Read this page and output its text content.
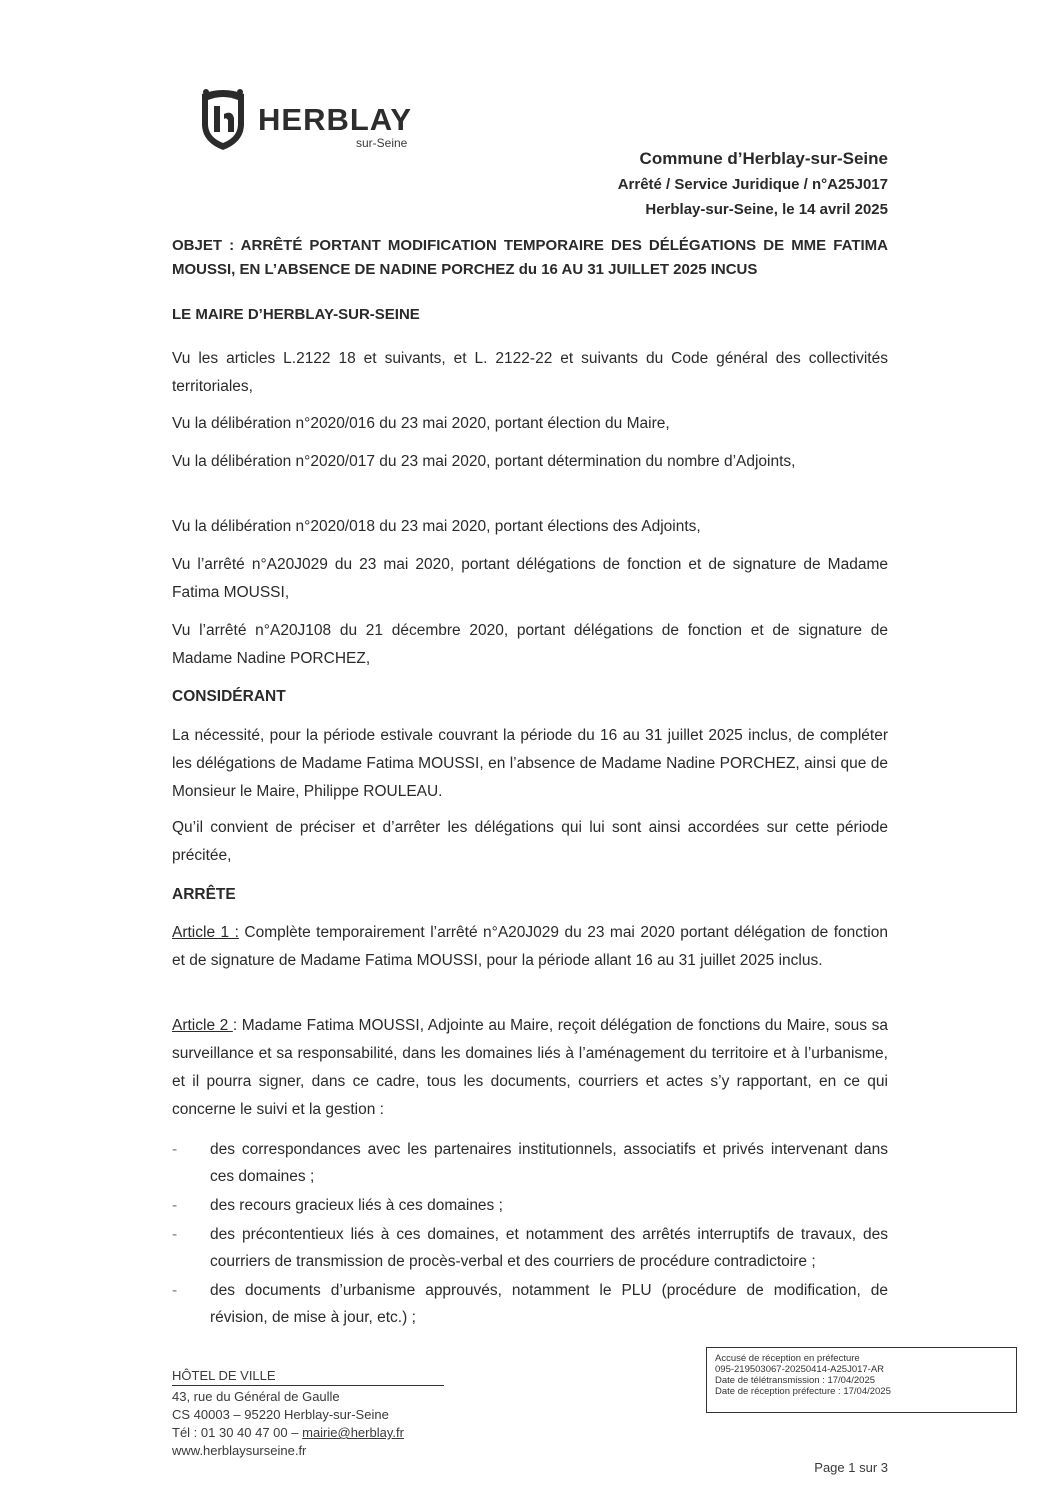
HERBLAY
sur-Seine
Commune d’Herblay-sur-Seine
Arrêté / Service Juridique / n°A25J017
Herblay-sur-Seine, le 14 avril 2025
OBJET : ARRÊTÉ PORTANT MODIFICATION TEMPORAIRE DES DÉLÉGATIONS DE MME FATIMA MOUSSI, EN L’ABSENCE DE NADINE PORCHEZ du 16 AU 31 JUILLET 2025 INCUS
LE MAIRE D’HERBLAY-SUR-SEINE
Vu les articles L.2122 18 et suivants, et L. 2122-22 et suivants du Code général des collectivités territoriales,
Vu la délibération n°2020/016 du 23 mai 2020, portant élection du Maire,
Vu la délibération n°2020/017 du 23 mai 2020, portant détermination du nombre d’Adjoints,
Vu la délibération n°2020/018 du 23 mai 2020, portant élections des Adjoints,
Vu l’arrêté n°A20J029 du 23 mai 2020, portant délégations de fonction et de signature de Madame Fatima MOUSSI,
Vu l’arrêté n°A20J108 du 21 décembre 2020, portant délégations de fonction et de signature de Madame Nadine PORCHEZ,
CONSIDÉRANT
La nécessité, pour la période estivale couvrant la période du 16 au 31 juillet 2025 inclus, de compléter les délégations de Madame Fatima MOUSSI, en l’absence de Madame Nadine PORCHEZ, ainsi que de Monsieur le Maire, Philippe ROULEAU.
Qu’il convient de préciser et d’arrêter les délégations qui lui sont ainsi accordées sur cette période précitée,
ARRÊTE
Article 1 : Complète temporairement l’arrêté n°A20J029 du 23 mai 2020 portant délégation de fonction et de signature de Madame Fatima MOUSSI, pour la période allant 16 au 31 juillet 2025 inclus.
Article 2 : Madame Fatima MOUSSI, Adjointe au Maire, reçoit délégation de fonctions du Maire, sous sa surveillance et sa responsabilité, dans les domaines liés à l’aménagement du territoire et à l’urbanisme, et il pourra signer, dans ce cadre, tous les documents, courriers et actes s’y rapportant, en ce qui concerne le suivi et la gestion :
- des correspondances avec les partenaires institutionnels, associatifs et privés intervenant dans ces domaines ;
- des recours gracieux liés à ces domaines ;
- des précontentieux liés à ces domaines, et notamment des arrêtés interruptifs de travaux, des courriers de transmission de procès-verbal et des courriers de procédure contradictoire ;
- des documents d’urbanisme approuvés, notamment le PLU (procédure de modification, de révision, de mise à jour, etc.) ;
HÔTEL DE VILLE
43, rue du Général de Gaulle
CS 40003 – 95220 Herblay-sur-Seine
Tél : 01 30 40 47 00 – mairie@herblay.fr
www.herblaysurseine.fr
Accusé de réception en préfecture
095-219503067-20250414-A25J017-AR
Date de télétransmission : 17/04/2025
Date de réception préfecture : 17/04/2025
Page 1 sur 3
